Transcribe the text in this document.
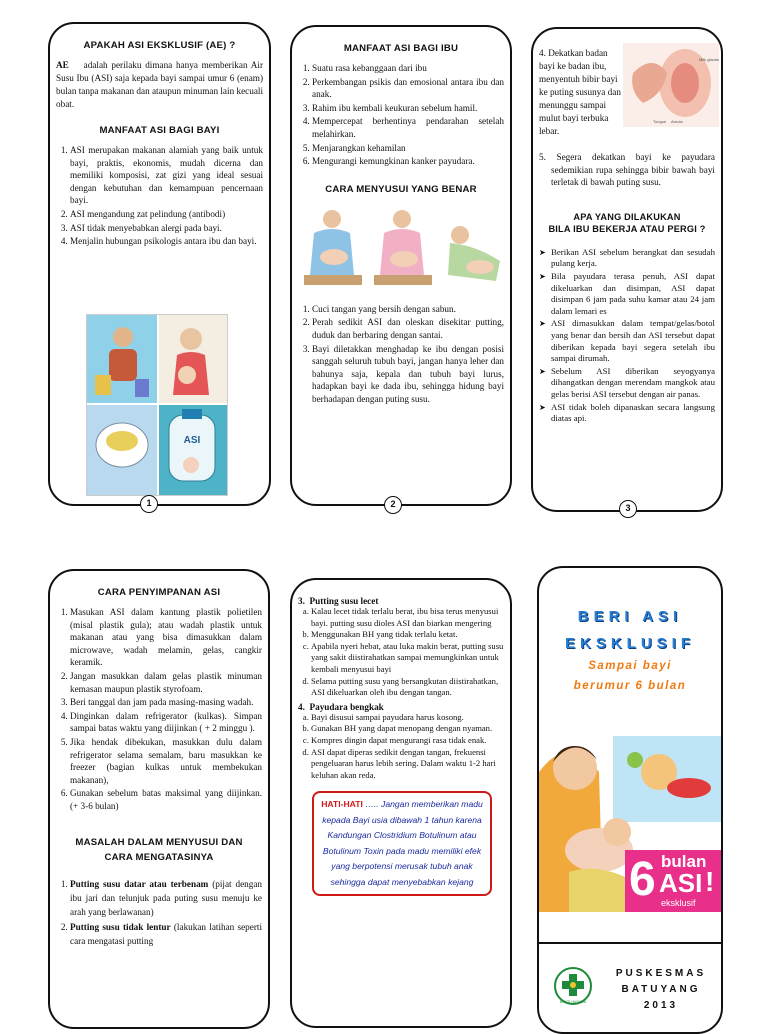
APAKAH ASI EKSKLUSIF (AE) ?

AE adalah perilaku dimana hanya memberikan Air Susu Ibu (ASI) saja kepada bayi sampai umur 6 (enam) bulan tanpa makanan dan ataupun minuman lain kecuali obat.

MANFAAT ASI BAGI BAYI
1. ASI merupakan makanan alamiah yang baik untuk bayi, praktis, ekonomis, mudah dicerna dan memiliki komposisi, zat gizi yang ideal sesuai dengan kebutuhan dan kemampuan pencernaan bayi.
2. ASI mengandung zat pelindung (antibodi)
3. ASI tidak menyebabkan alergi pada bayi.
4. Menjalin hubungan psikologis antara ibu dan bayi.
ASI
1
MANFAAT ASI BAGI IBU
1. Suatu rasa kebanggaan dari ibu
2. Perkembangan psikis dan emosional antara ibu dan anak.
3. Rahim ibu kembali keukuran sebelum hamil.
4. Mempercepat berhentinya pendarahan setelah melahirkan.
5. Menjarangkan kehamilan
6. Mengurangi kemungkinan kanker payudara.
CARA MENYUSUI YANG BENAR
1. Cuci tangan yang bersih dengan sabun.
2. Perah sedikit ASI dan oleskan disekitar putting, duduk dan berbaring dengan santai.
3. Bayi diletakkan menghadap ke ibu dengan posisi sanggah seluruh tubuh bayi, jangan hanya leher dan bahunya saja, kepala dan tubuh bayi lurus, hadapkan bayi ke dada ibu, sehingga hidung bayi berhadapan dengan puting susu.
2
4. Dekatkan badan bayi ke badan ibu, menyentuh bibir bayi ke puting susunya dan menunggu sampai mulut bayi terbuka lebar.
Milk glands
Tongue Areola
5. Segera dekatkan bayi ke payudara sedemikian rupa sehingga bibir bawah bayi terletak di bawah puting susu.
APA YANG DILAKUKAN
BILA IBU BEKERJA ATAU PERGI ?
➤ Berikan ASI sebelum berangkat dan sesudah pulang kerja.
➤ Bila payudara terasa penuh, ASI dapat dikeluarkan dan disimpan, ASI dapat disimpan 6 jam pada suhu kamar atau 24 jam dalam lemari es
➤ ASI dimasukkan dalam tempat/gelas/botol yang benar dan bersih dan ASI tersebut dapat diberikan kepada bayi segera setelah ibu sampai dirumah.
➤ Sebelum ASI diberikan seyogyanya dihangatkan dengan merendam mangkok atau gelas berisi ASI tersebut dengan air panas.
➤ ASI tidak boleh dipanaskan secara langsung diatas api.
3
CARA PENYIMPANAN ASI
1. Masukan ASI dalam kantung plastik polietilen (misal plastik gula); atau wadah plastik untuk makanan atau yang bisa dimasukkan dalam microwave, wadah melamin, gelas, cangkir keramik.
2. Jangan masukkan dalam gelas plastik minuman kemasan maupun plastik styrofoam.
3. Beri tanggal dan jam pada masing-masing wadah.
4. Dinginkan dalam refrigerator (kulkas). Simpan sampai batas waktu yang diijinkan ( + 2 minggu ).
5. Jika hendak dibekukan, masukkan dulu dalam refrigerator selama semalam, baru masukkan ke freezer (bagian kulkas untuk membekukan makanan),
6. Gunakan sebelum batas maksimal yang diijinkan. (+ 3-6 bulan)
MASALAH DALAM MENYUSUI DAN CARA MENGATASINYA
1. Putting susu datar atau terbenam (pijat dengan ibu jari dan telunjuk pada puting susu menuju ke arah yang berlawanan)
2. Putting susu tidak lentur (lakukan latihan seperti cara mengatasi putting
3.  Putting susu lecet
a. Kalau lecet tidak terlalu berat, ibu bisa terus menyusui bayi. putting susu dioles ASI dan biarkan mengering
b. Menggunakan BH yang tidak terlalu ketat.
c. Apabila nyeri hebat, atau luka makin berat, putting susu yang sakit diistirahatkan sampai memungkinkan untuk kembali menyusui bayi
d. Selama putting susu yang bersangkutan diistirahatkan, ASI dikeluarkan oleh ibu dengan tangan.
4.  Payudara bengkak
a. Bayi disusui sampai payudara harus kosong.
b. Gunakan BH yang dapat menopang dengan nyaman.
c. Kompres dingin dapat mengurangi rasa tidak enak.
d. ASI dapat diperas sedikit dengan tangan, frekuensi pengeluaran harus lebih sering. Dalam waktu 1-2 hari keluhan akan reda.
HATI-HATI ….. Jangan memberikan madu kepada Bayi usia dibawah 1 tahun karena Kandungan Clostridium Botulinum atau Botulinum Toxin pada madu memiliki efek yang berpotensi merusak tubuh anak sehingga dapat menyebabkan kejang
BERI ASI
EKSKLUSIF
Sampai bayi
berumur 6 bulan
6 bulan
ASI !
eksklusif
BAKTI HUSADA
PUSKESMAS
BATUYANG
2013
